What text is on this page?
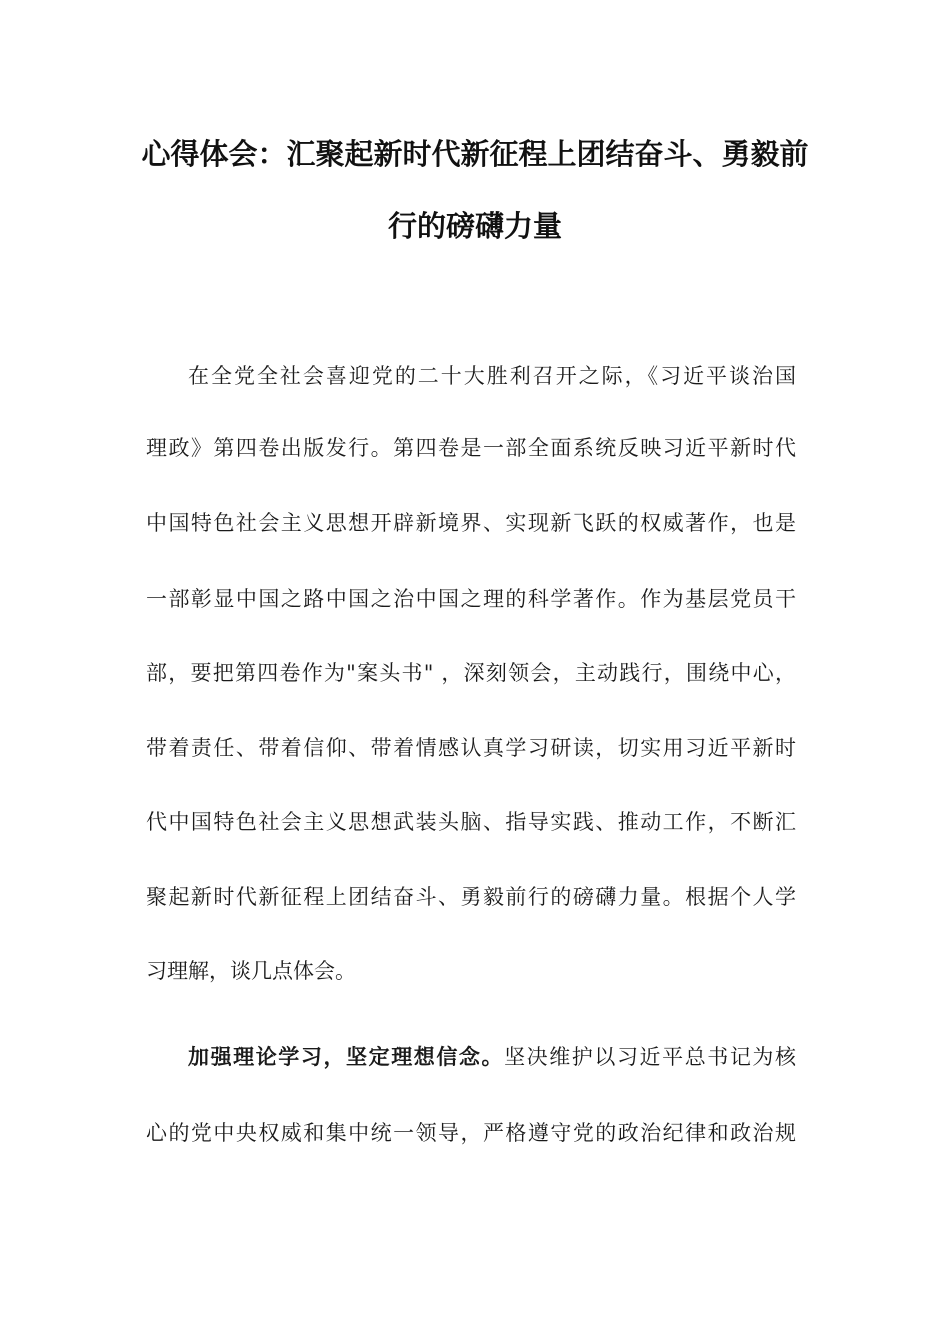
心得体会：汇聚起新时代新征程上团结奋斗、勇毅前
行的磅礴力量
在全党全社会喜迎党的二十大胜利召开之际，《习近平谈治国
理政》第四卷出版发行。第四卷是一部全面系统反映习近平新时代
中国特色社会主义思想开辟新境界、实现新飞跃的权威著作，也是
一部彰显中国之路中国之治中国之理的科学著作。作为基层党员干
部，要把第四卷作为"案头书" ，深刻领会，主动践行，围绕中心，
带着责任、带着信仰、带着情感认真学习研读，切实用习近平新时
代中国特色社会主义思想武装头脑、指导实践、推动工作，不断汇
聚起新时代新征程上团结奋斗、勇毅前行的磅礴力量。根据个人学
习理解，谈几点体会。
加强理论学习，坚定理想信念。坚决维护以习近平总书记为核
心的党中央权威和集中统一领导，严格遵守党的政治纪律和政治规
